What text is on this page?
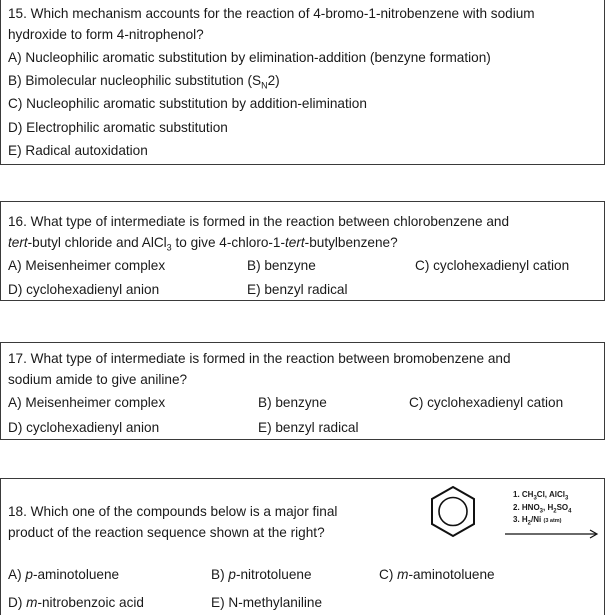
15. Which mechanism accounts for the reaction of 4-bromo-1-nitrobenzene with sodium
hydroxide to form 4-nitrophenol?
A) Nucleophilic aromatic substitution by elimination-addition (benzyne formation)
B) Bimolecular nucleophilic substitution $(S_N2)$
C) Nucleophilic aromatic substitution by addition-elimination
D) Electrophilic aromatic substitution
E) Radical autoxidation
16. What type of intermediate is formed in the reaction between chlorobenzene and
tert-butyl chloride and AlCl$_3$ to give 4-chloro-1-tert-butylbenzene?
A) Meisenheimer complex	B) benzyne	C) cyclohexadienyl cation
D) cyclohexadienyl anion	E) benzyl radical
17. What type of intermediate is formed in the reaction between bromobenzene and
sodium amide to give aniline?
A) Meisenheimer complex	B) benzyne	C) cyclohexadienyl cation
D) cyclohexadienyl anion	E) benzyl radical
18. Which one of the compounds below is a major final
product of the reaction sequence shown at the right?
1. $CH_3Cl$, AlCl$_3$
2. $HNO_3$, $H_2SO_4$
3. $H_2/Ni$ (3 atm)
A) p-aminotoluene	B) p-nitrotoluene	C) m-aminotoluene
D) m-nitrobenzoic acid	E) N-methylaniline
